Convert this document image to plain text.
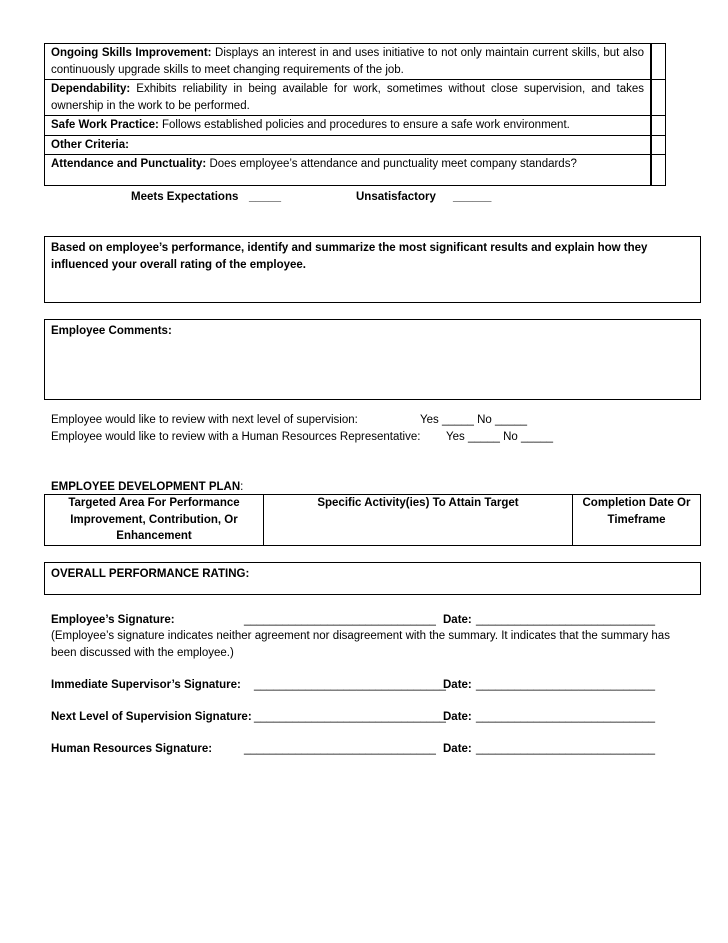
Ongoing Skills Improvement: Displays an interest in and uses initiative to not only maintain current skills, but also continuously upgrade skills to meet changing requirements of the job.	
Dependability: Exhibits reliability in being available for work, sometimes without close supervision, and takes ownership in the work to be performed.	
Safe Work Practice: Follows established policies and procedures to ensure a safe work environment.	
Other Criteria:	
Attendance and Punctuality: Does employee’s attendance and punctuality meet company standards?	
Meets Expectations _____	Unsatisfactory ______
Based on employee’s performance, identify and summarize the most significant results and explain how they influenced your overall rating of the employee.
Employee Comments:
Employee would like to review with next level of supervision:	Yes _____ No _____
Employee would like to review with a Human Resources Representative: Yes _____ No _____
EMPLOYEE DEVELOPMENT PLAN:
Targeted Area For Performance Improvement, Contribution, Or Enhancement	Specific Activity(ies) To Attain Target	Completion Date Or Timeframe
OVERALL PERFORMANCE RATING:
Employee’s Signature:	______________________________ Date: ____________________________
(Employee’s signature indicates neither agreement nor disagreement with the summary. It indicates that the summary has been discussed with the employee.)
Immediate Supervisor’s Signature: ______________________________
Date: ____________________________
Next Level of Supervision Signature: ______________________________
Date: ____________________________
Human Resources Signature:	______________________________ Date: ____________________________
